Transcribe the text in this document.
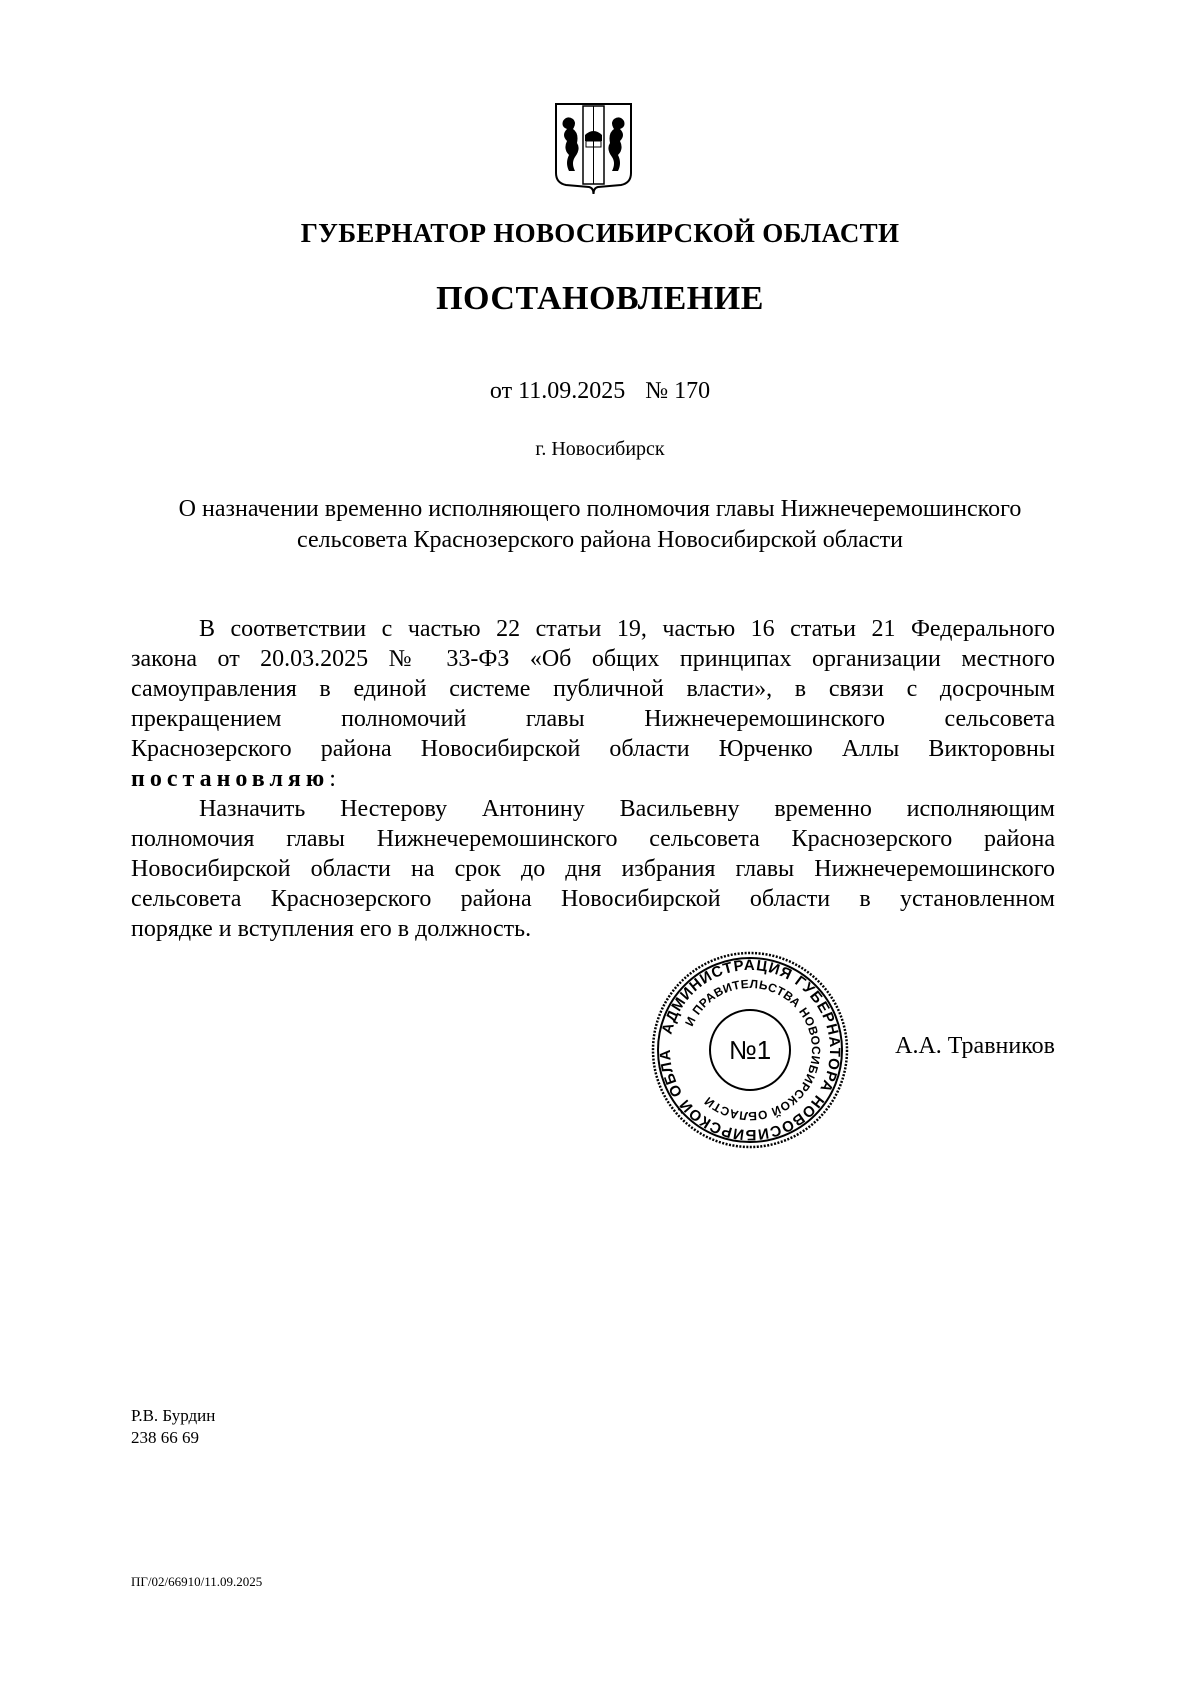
ГУБЕРНАТОР НОВОСИБИРСКОЙ ОБЛАСТИ
ПОСТАНОВЛЕНИЕ
от 11.09.2025 № 170
г. Новосибирск
О назначении временно исполняющего полномочия главы Нижнечеремошинского
сельсовета Краснозерского района Новосибирской области
В соответствии с частью 22 статьи 19, частью 16 статьи 21 Федерального
закона от 20.03.2025 № 33-ФЗ «Об общих принципах организации местного
самоуправления в единой системе публичной власти», в связи с досрочным
прекращением полномочий главы Нижнечеремошинского сельсовета
Краснозерского района Новосибирской области Юрченко Аллы Викторовны
постановляю:
Назначить Нестерову Антонину Васильевну временно исполняющим
полномочия главы Нижнечеремошинского сельсовета Краснозерского района
Новосибирской области на срок до дня избрания главы Нижнечеремошинского
сельсовета Краснозерского района Новосибирской области в установленном
порядке и вступления его в должность.
АДМИНИСТРАЦИЯ ГУБЕРНАТОРА НОВОСИБИРСКОЙ ОБЛА
И ПРАВИТЕЛЬСТВА НОВОСИБИРСКОЙ ОБЛАСТИ
№1	А.А. Травников
Р.В. Бурдин
238 66 69
ПГ/02/66910/11.09.2025
